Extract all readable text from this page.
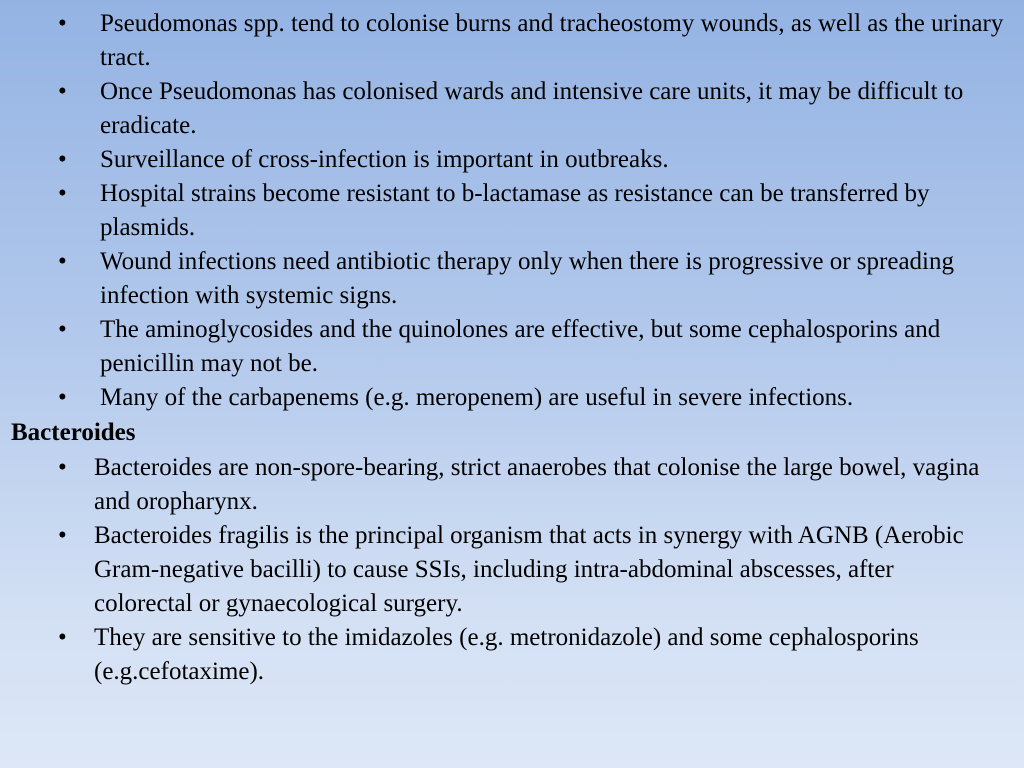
• Pseudomonas spp. tend to colonise burns and tracheostomy wounds, as well as the urinary tract.
• Once Pseudomonas has colonised wards and intensive care units, it may be difficult to eradicate.
• Surveillance of cross-infection is important in outbreaks.
• Hospital strains become resistant to b-lactamase as resistance can be transferred by plasmids.
• Wound infections need antibiotic therapy only when there is progressive or spreading infection with systemic signs.
• The aminoglycosides and the quinolones are effective, but some cephalosporins and penicillin may not be.
• Many of the carbapenems (e.g. meropenem) are useful in severe infections.
Bacteroides
• Bacteroides are non-spore-bearing, strict anaerobes that colonise the large bowel, vagina and oropharynx.
• Bacteroides fragilis is the principal organism that acts in synergy with AGNB (Aerobic Gram-negative bacilli) to cause SSIs, including intra-abdominal abscesses, after colorectal or gynaecological surgery.
• They are sensitive to the imidazoles (e.g. metronidazole) and some cephalosporins (e.g.cefotaxime).
